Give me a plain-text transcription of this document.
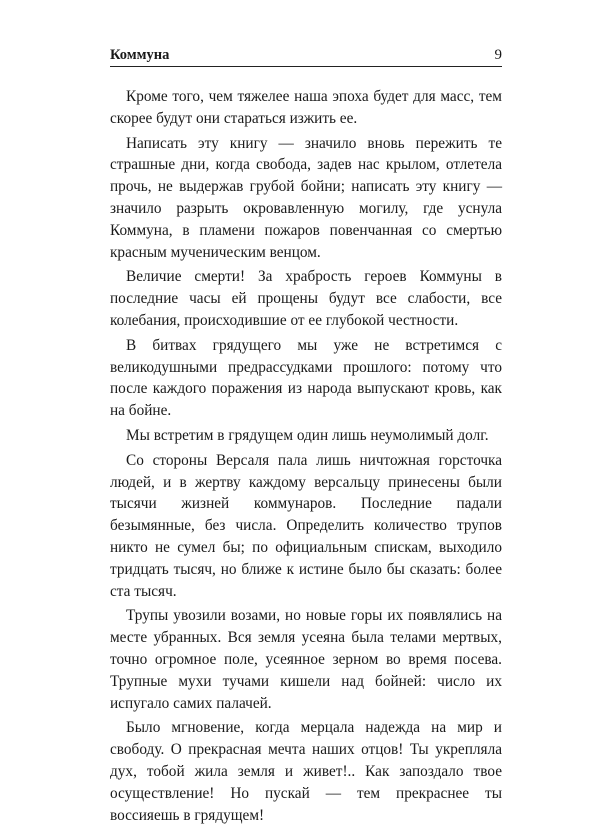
Коммуна	9

Кроме того, чем тяжелее наша эпоха будет для масс, тем скорее будут они стараться изжить ее.

Написать эту книгу — значило вновь пережить те страшные дни, когда свобода, задев нас крылом, отлетела прочь, не выдержав грубой бойни; написать эту книгу — значило разрыть окровавленную могилу, где уснула Коммуна, в пламени пожаров повенчанная со смертью красным мученическим венцом.

Величие смерти! За храбрость героев Коммуны в последние часы ей прощены будут все слабости, все колебания, происходившие от ее глубокой честности.

В битвах грядущего мы уже не встретимся с великодушными предрассудками прошлого: потому что после каждого поражения из народа выпускают кровь, как на бойне.

Мы встретим в грядущем один лишь неумолимый долг.

Со стороны Версаля пала лишь ничтожная горсточка людей, и в жертву каждому версальцу принесены были тысячи жизней коммунаров. Последние падали безымянные, без числа. Определить количество трупов никто не сумел бы; по официальным спискам, выходило тридцать тысяч, но ближе к истине было бы сказать: более ста тысяч.

Трупы увозили возами, но новые горы их появлялись на месте убранных. Вся земля усеяна была телами мертвых, точно огромное поле, усеянное зерном во время посева. Трупные мухи тучами кишели над бойней: число их испугало самих палачей.

Было мгновение, когда мерцала надежда на мир и свободу. О прекрасная мечта наших отцов! Ты укрепляла дух, тобой жила земля и живет!.. Как запоздало твое осуществление! Но пускай — тем прекраснее ты воссияешь в грядущем!
